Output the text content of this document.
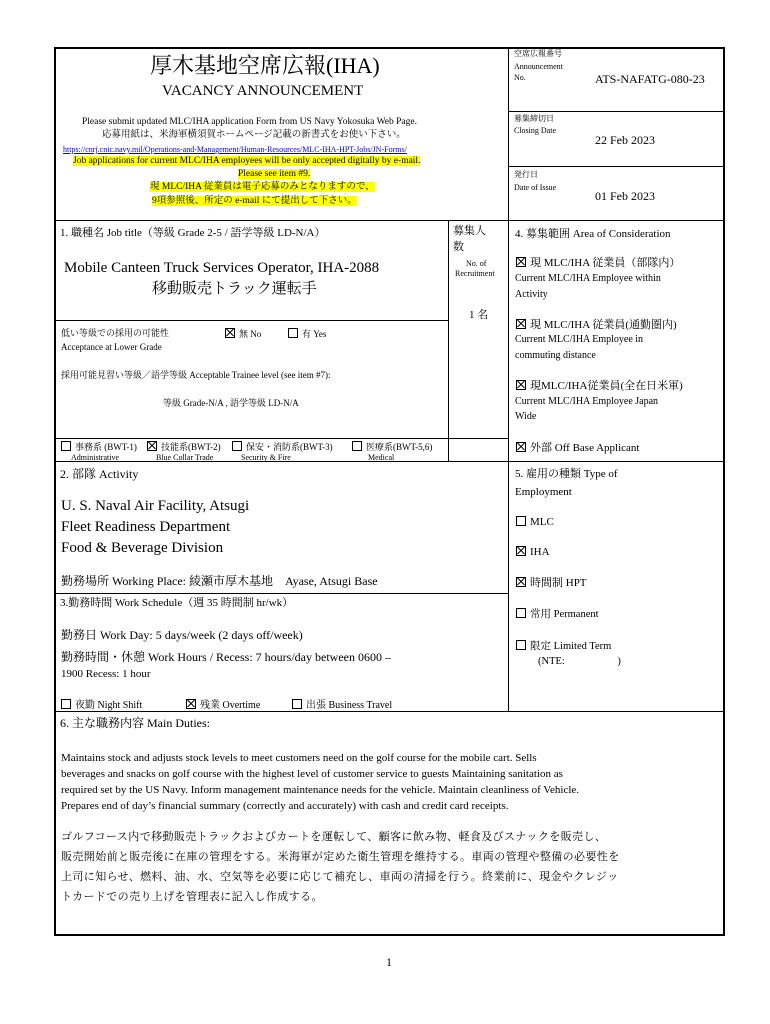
厚木基地空席広報(IHA)
VACANCY ANNOUNCEMENT
Please submit updated MLC/IHA application Form from US Navy Yokosuka Web Page.
応募用紙は、米海軍横須賀ホームページ記載の新書式をお使い下さい。
https://cnrj.cnic.navy.mil/Operations-and-Management/Human-Resources/MLC-IHA-HPT-Jobs/JN-Forms/
Job applications for current MLC/IHA employees will be only accepted digitally by e-mail.
Please see item #9.
現 MLC/IHA 従業員は電子応募のみとなりますので、
9項参照後、所定の e-mail にて提出して下さい。
空席広報番号
Announcement
No.	ATS-NAFATG-080-23
募集締切日
Closing Date
22 Feb 2023
発行日
Date of Issue
01 Feb 2023
1. 職種名 Job title（等級 Grade 2-5 / 語学等級 LD-N/A）
Mobile Canteen Truck Services Operator, IHA-2088
移動販売トラック運転手
募集人
数
No. of
Recruitment
1 名
低い等級での採用の可能性
Acceptance at Lower Grade
無 No	有 Yes
採用可能見習い等級／語学等級 Acceptable Trainee level (see item #7):
等級 Grade-N/A , 語学等級 LD-N/A
事務系 (BWT-1)
Administrative
技能系(BWT-2)
Blue Collar Trade
保安・消防系(BWT-3)
Security & Fire
医療系(BWT-5,6)
Medical
4. 募集範囲 Area of Consideration
現 MLC/IHA 従業員（部隊内）
Current MLC/IHA Employee within
Activity
現 MLC/IHA 従業員(通勤圏内)
Current MLC/IHA Employee in
commuting distance
現MLC/IHA従業員(全在日米軍)
Current MLC/IHA Employee Japan
Wide
外部 Off Base Applicant
2. 部隊 Activity
U. S. Naval Air Facility, Atsugi
Fleet Readiness Department
Food & Beverage Division
勤務場所 Working Place: 綾瀬市厚木基地　Ayase, Atsugi Base
5. 雇用の種類 Type of
Employment
MLC
IHA
時間制 HPT
常用 Permanent
限定 Limited Term
(NTE:                    )
3.勤務時間 Work Schedule（週 35 時間制 hr/wk）
勤務日 Work Day: 5 days/week (2 days off/week)
勤務時間・休憩 Work Hours / Recess: 7 hours/day between 0600 –
1900 Recess: 1 hour
夜勤 Night Shift	残業 Overtime	出張 Business Travel
6. 主な職務内容 Main Duties:
Maintains stock and adjusts stock levels to meet customers need on the golf course for the mobile cart. Sells
beverages and snacks on golf course with the highest level of customer service to guests Maintaining sanitation as
required set by the US Navy. Inform management maintenance needs for the vehicle. Maintain cleanliness of Vehicle.
Prepares end of day’s financial summary (correctly and accurately) with cash and credit card receipts.
ゴルフコース内で移動販売トラックおよびカートを運転して、顧客に飲み物、軽食及びスナックを販売し、
販売開始前と販売後に在庫の管理をする。米海軍が定めた衛生管理を維持する。車両の管理や整備の必要性を
上司に知らせ、燃料、油、水、空気等を必要に応じて補充し、車両の清掃を行う。終業前に、現金やクレジッ
トカードでの売り上げを管理表に記入し作成する。
1
